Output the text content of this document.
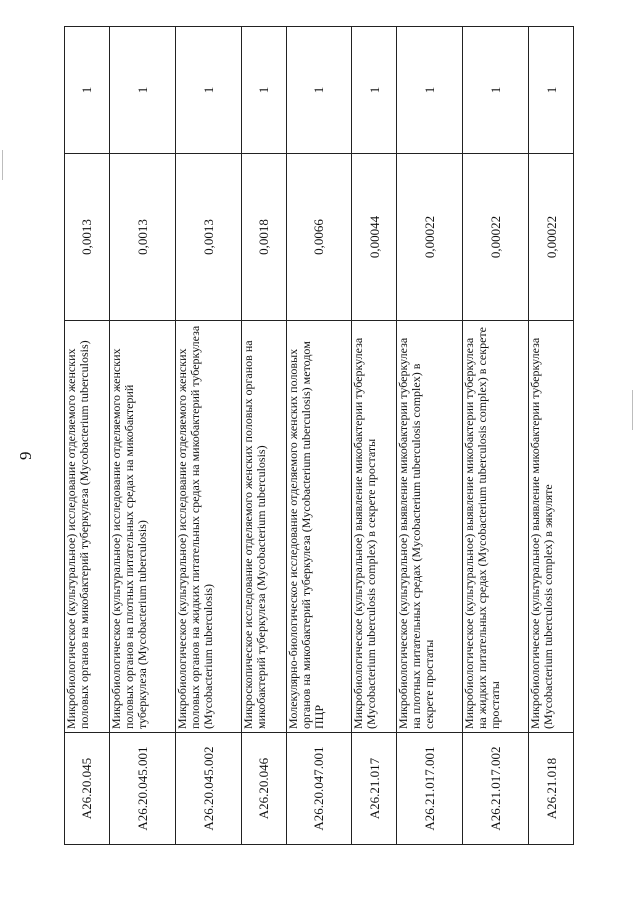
9
A26.20.045	Микробиологическое (культуральное) исследование отделяемого женских половых органов на микобактерий туберкулеза (Mycobacterium tuberculosis)	0,0013	1
A26.20.045.001	Микробиологическое (культуральное) исследование отделяемого женских половых органов на плотных питательных средах на микобактерий туберкулеза (Mycobacterium tuberculosis)	0,0013	1
A26.20.045.002	Микробиологическое (культуральное) исследование отделяемого женских половых органов на жидких питательных средах на микобактерий туберкулеза (Mycobacterium tuberculosis)	0,0013	1
A26.20.046	Микроскопическое исследование отделяемого женских половых органов на микобактерий туберкулеза (Mycobacterium tuberculosis)	0,0018	1
A26.20.047.001	Молекулярно-биологическое исследование отделяемого женских половых органов на микобактерий туберкулеза (Mycobacterium tuberculosis) методом ПЦР	0,0066	1
A26.21.017	Микробиологическое (культуральное) выявление микобактерии туберкулеза (Mycobacterium tuberculosis complex) в секрете простаты	0,00044	1
A26.21.017.001	Микробиологическое (культуральное) выявление микобактерии туберкулеза на плотных питательных средах (Mycobacterium tuberculosis complex) в секрете простаты	0,00022	1
A26.21.017.002	Микробиологическое (культуральное) выявление микобактерии туберкулеза на жидких питательных средах (Mycobacterium tuberculosis complex) в секрете простаты	0,00022	1
A26.21.018	Микробиологическое (культуральное) выявление микобактерии туберкулеза (Mycobacterium tuberculosis complex) в эякуляте	0,00022	1
